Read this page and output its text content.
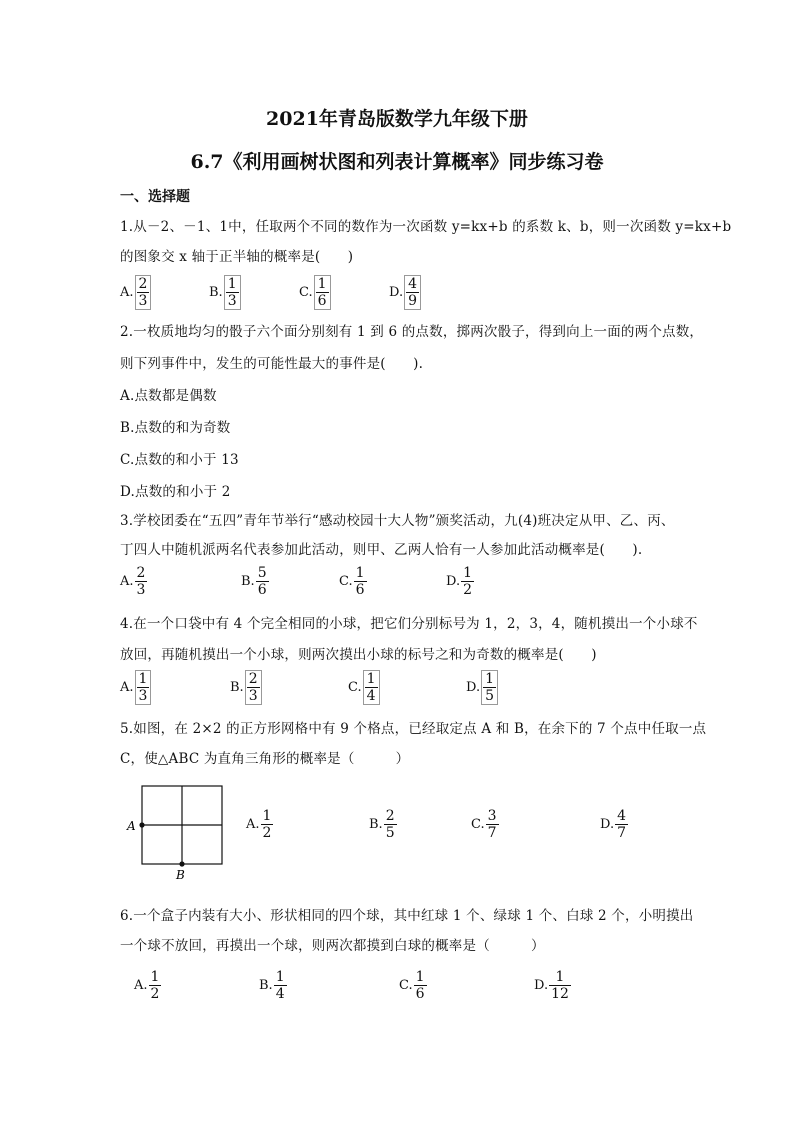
2021年青岛版数学九年级下册
6.7《利用画树状图和列表计算概率》同步练习卷
一、选择题
1.从－2、－1、1中，任取两个不同的数作为一次函数 y=kx+b 的系数 k、b，则一次函数 y=kx+b
的图象交 x 轴于正半轴的概率是(　　)
A. $\frac{2}{3}$	B. $\frac{1}{3}$	C. $\frac{1}{6}$	D. $\frac{4}{9}$
2.一枚质地均匀的骰子六个面分别刻有 1 到 6 的点数，掷两次骰子，得到向上一面的两个点数，
则下列事件中，发生的可能性最大的事件是(　　).
A.点数都是偶数
B.点数的和为奇数
C.点数的和小于 13
D.点数的和小于 2
3.学校团委在“五四”青年节举行“感动校园十大人物”颁奖活动，九(4)班决定从甲、乙、丙、
丁四人中随机派两名代表参加此活动，则甲、乙两人恰有一人参加此活动概率是(　　).
A. $\frac{2}{3}$	B. $\frac{5}{6}$	C. $\frac{1}{6}$	D. $\frac{1}{2}$
4.在一个口袋中有 4 个完全相同的小球，把它们分别标号为 1，2，3，4，随机摸出一个小球不
放回，再随机摸出一个小球，则两次摸出小球的标号之和为奇数的概率是(　　)
A. $\frac{1}{3}$	B. $\frac{2}{3}$	C. $\frac{1}{4}$	D. $\frac{1}{5}$
5.如图，在 2×2 的正方形网格中有 9 个格点，已经取定点 A 和 B，在余下的 7 个点中任取一点
C，使△ABC 为直角三角形的概率是（　　　）
A
B
A. $\frac{1}{2}$	B. $\frac{2}{5}$	C. $\frac{3}{7}$	D. $\frac{4}{7}$
6.一个盒子内装有大小、形状相同的四个球，其中红球 1 个、绿球 1 个、白球 2 个，小明摸出
一个球不放回，再摸出一个球，则两次都摸到白球的概率是（　　　）
A. $\frac{1}{2}$	B. $\frac{1}{4}$	C. $\frac{1}{6}$	D. $\frac{1}{12}$
